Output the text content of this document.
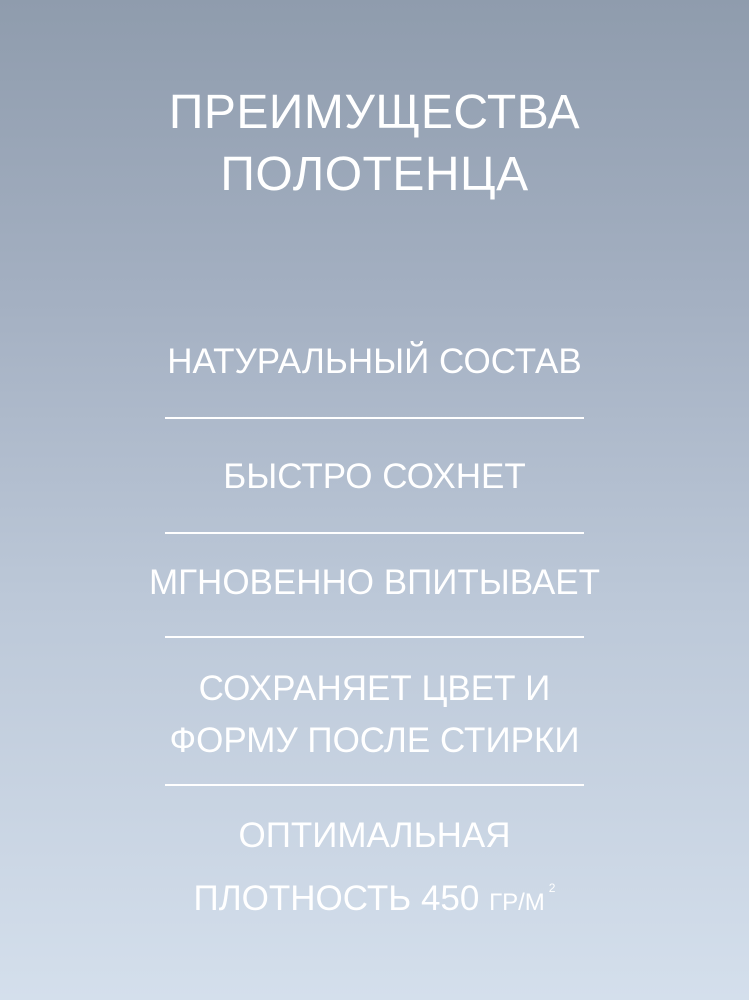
ПРЕИМУЩЕСТВА
ПОЛОТЕНЦА
НАТУРАЛЬНЫЙ СОСТАВ
БЫСТРО СОХНЕТ
МГНОВЕННО ВПИТЫВАЕТ
СОХРАНЯЕТ ЦВЕТ И
ФОРМУ ПОСЛЕ СТИРКИ
ОПТИМАЛЬНАЯ
ПЛОТНОСТЬ 450 $ГР/М^2$
